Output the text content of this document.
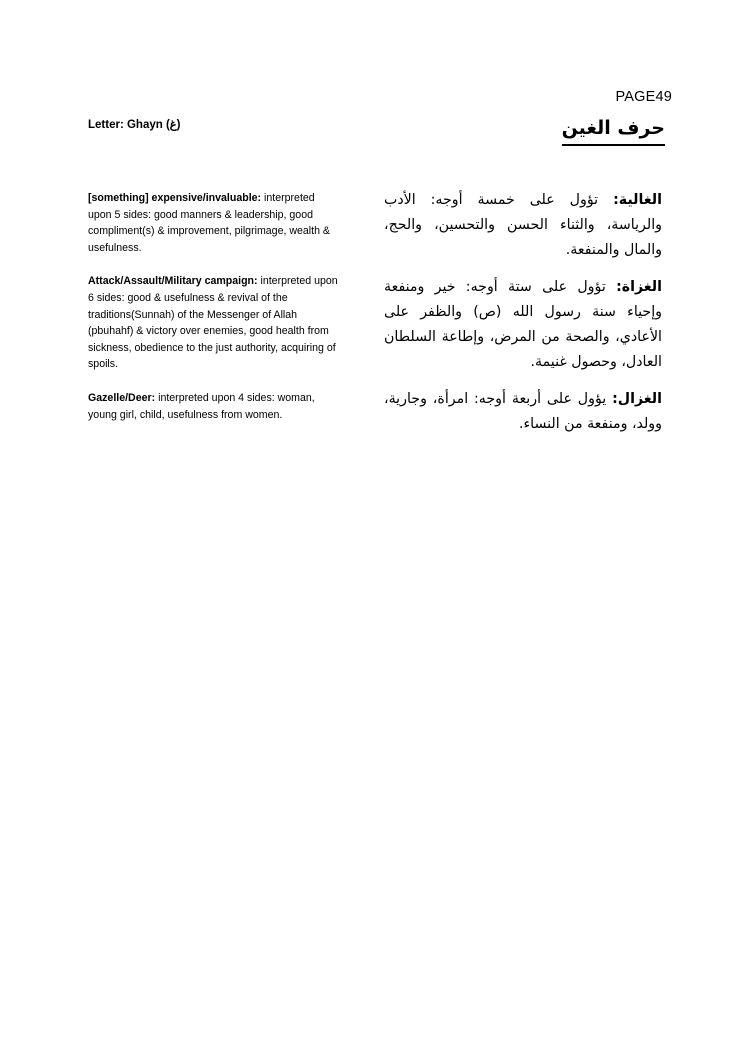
PAGE49
Letter: Ghayn (غ)	حرف الغين

[something] expensive/invaluable: interpreted upon 5 sides: good manners & leadership, good compliment(s) & improvement, pilgrimage, wealth & usefulness.

Attack/Assault/Military campaign: interpreted upon 6 sides: good & usefulness & revival of the traditions(Sunnah) of the Messenger of Allah (pbuhahf) & victory over enemies, good health from sickness, obedience to the just authority, acquiring of spoils.

Gazelle/Deer: interpreted upon 4 sides: woman, young girl, child, usefulness from women.

الغالية: تؤول على خمسة أوجه: الأدب والرياسة، والثناء الحسن والتحسين، والحج، والمال والمنفعة.

الغزاة: تؤول على ستة أوجه: خير ومنفعة وإحياء سنة رسول الله (ص) والظفر على الأعادي، والصحة من المرض، وإطاعة السلطان العادل، وحصول غنيمة.

الغزال: يؤول على أربعة أوجه: امرأة، وجارية، وولد، ومنفعة من النساء.
